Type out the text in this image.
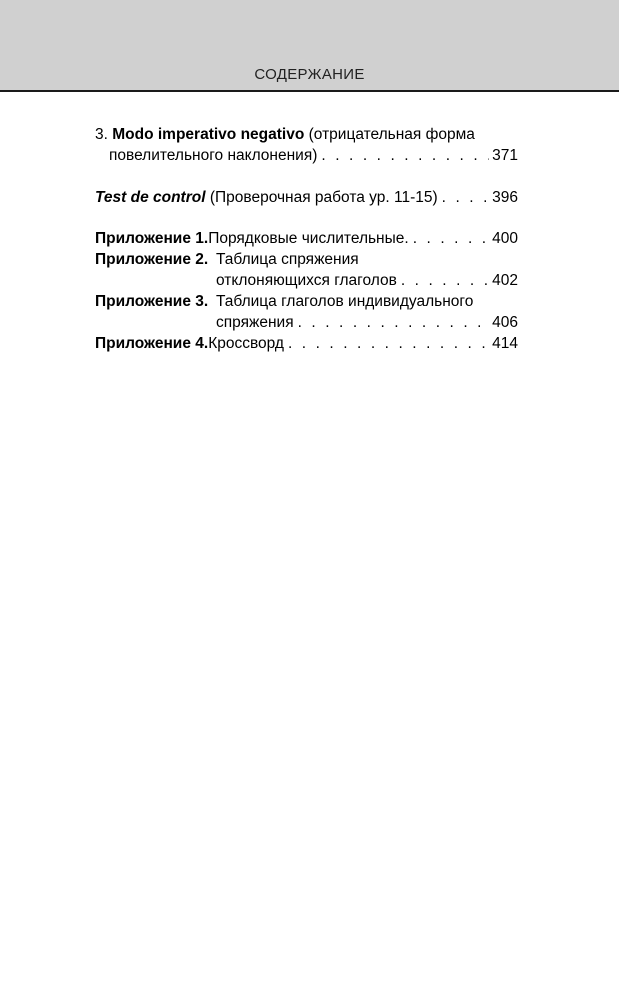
СОДЕРЖАНИЕ
3.
Modo imperativo negativo
(отрицательная форма
повелительного наклонения) . . .	371
Test de control
(Проверочная работа ур. 11-15) . . .	396
Приложение 1. Порядковые числительные. . . .	400
Приложение 2. Таблица спряжения
отклоняющихся глаголов . . .	402
Приложение 3. Таблица глаголов индивидуального
спряжения . . .	406
Приложение 4. Кроссворд . . .	414
